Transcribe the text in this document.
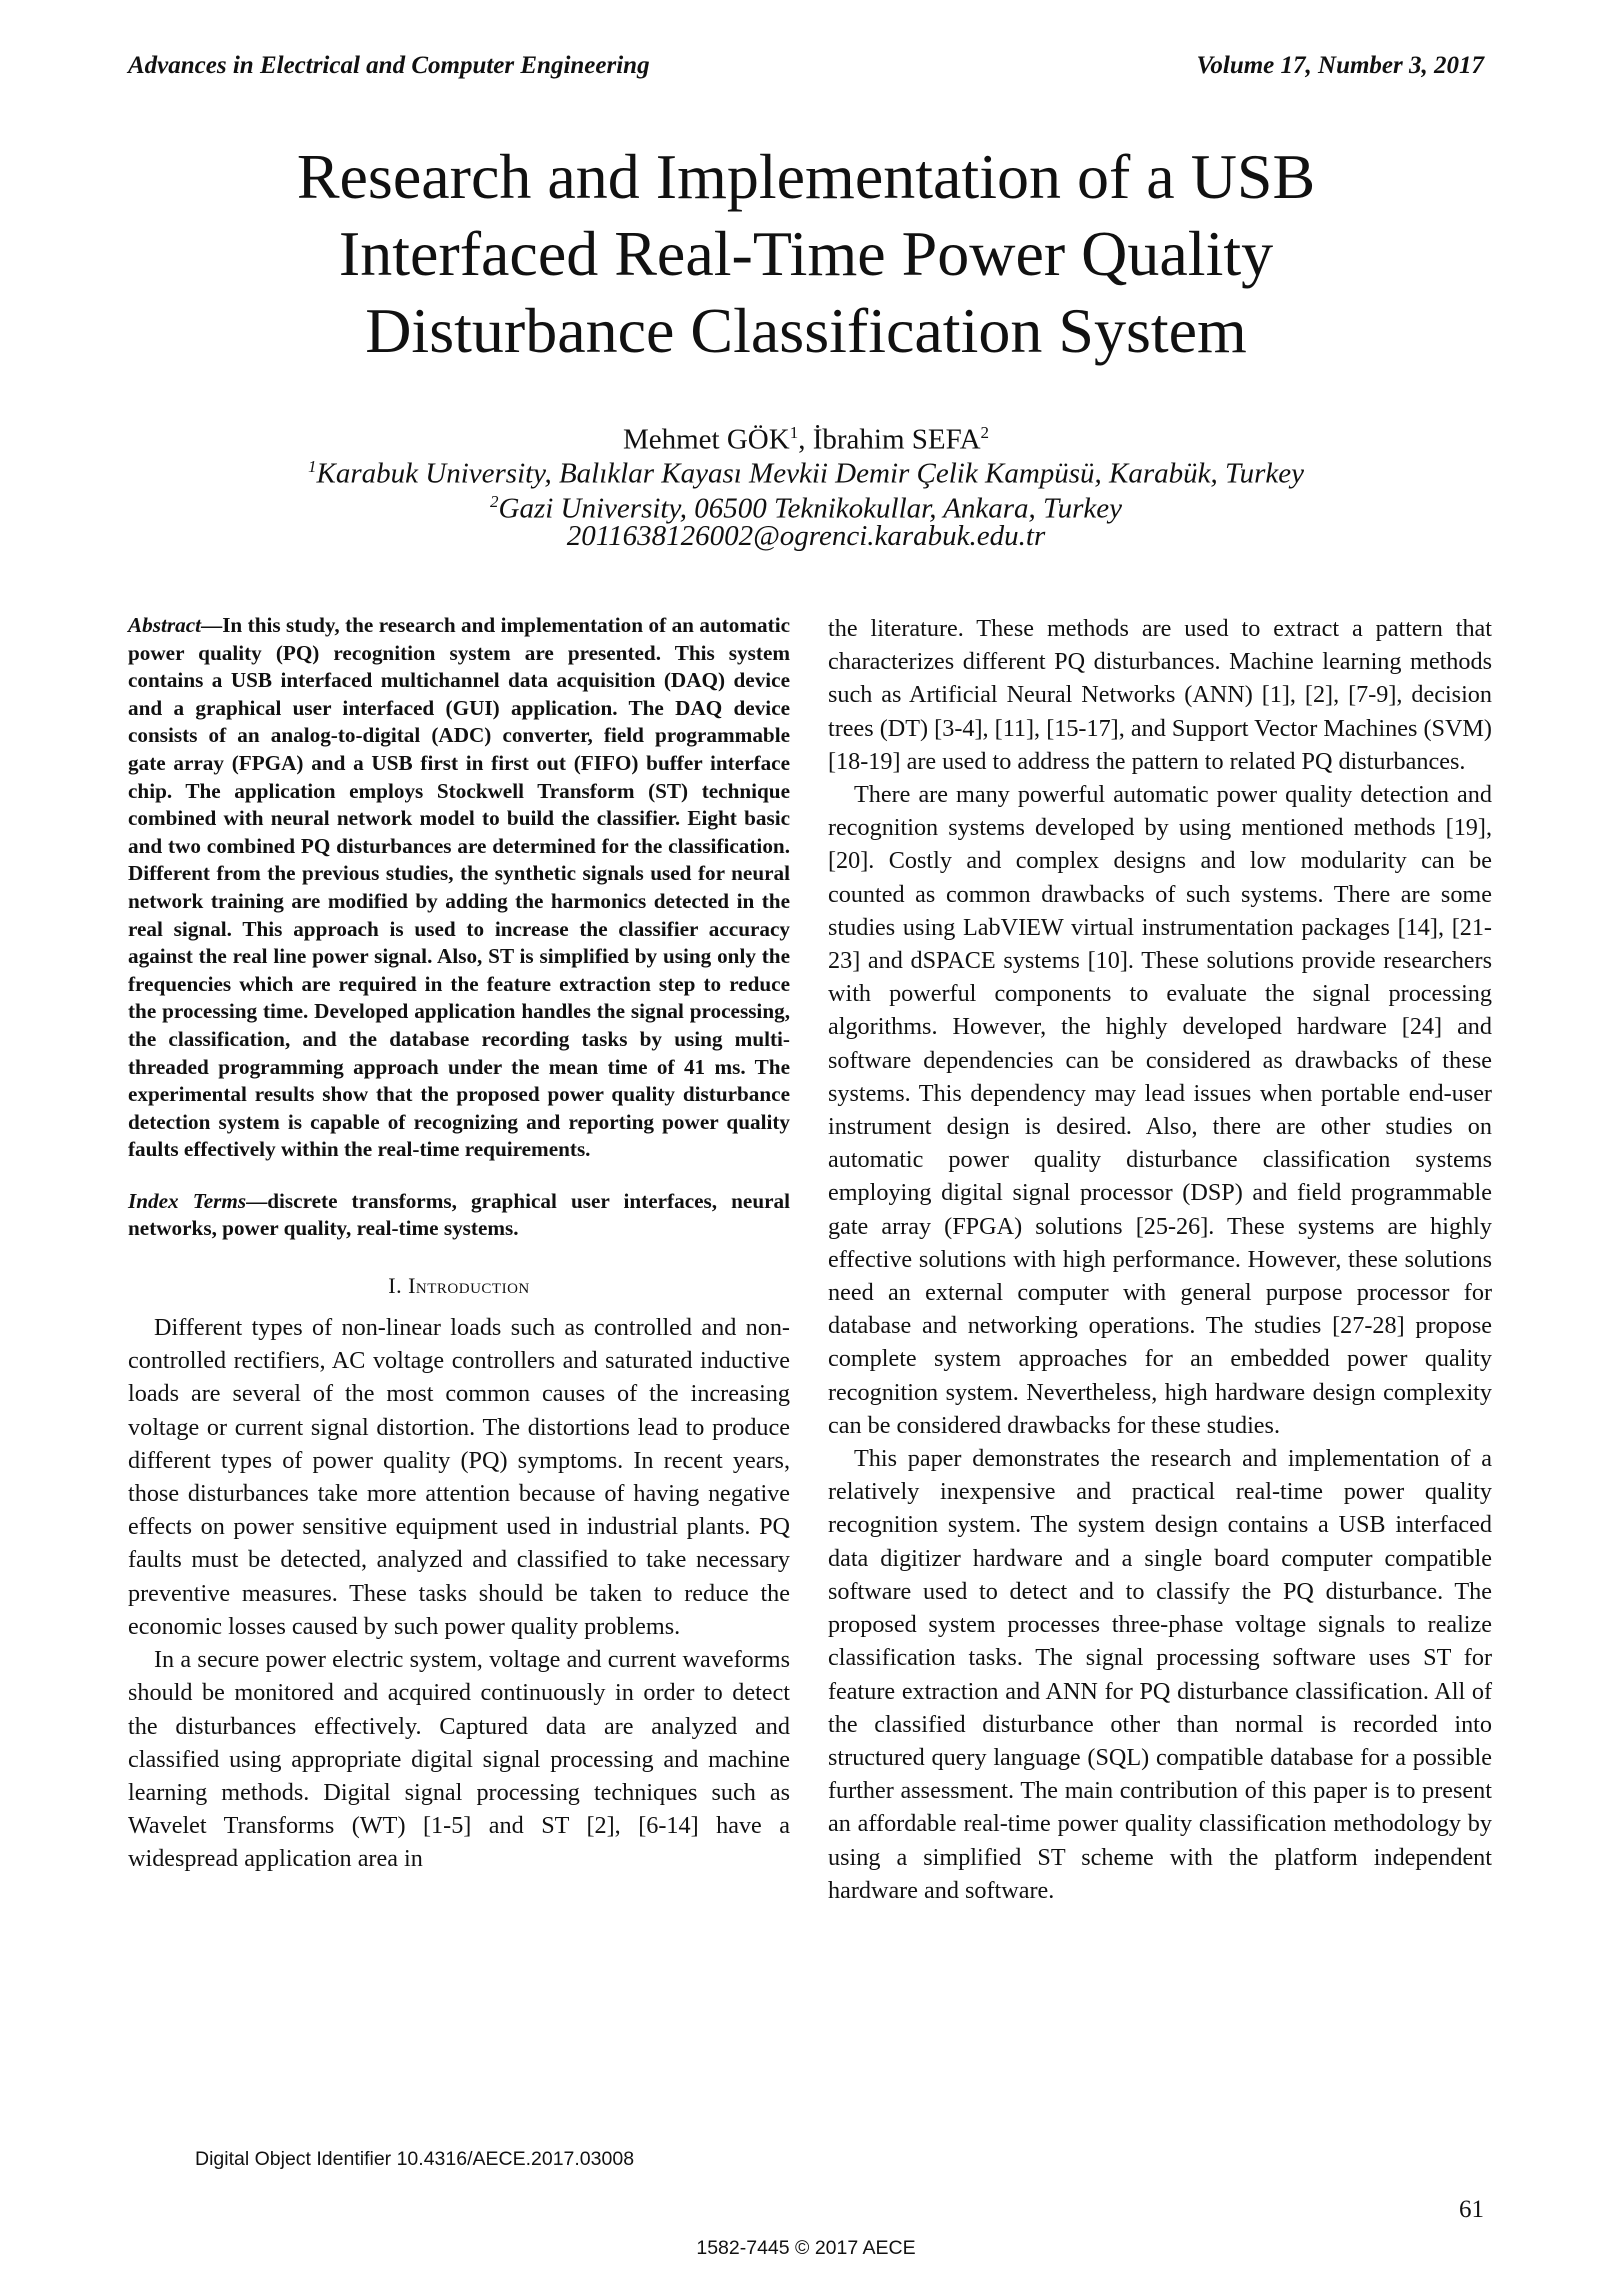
Advances in Electrical and Computer Engineering	Volume 17, Number 3, 2017
Research and Implementation of a USB
Interfaced Real-Time Power Quality
Disturbance Classification System
Mehmet GÖK$^1$, İbrahim SEFA$^2$
$^1$Karabuk University, Balıklar Kayası Mevkii Demir Çelik Kampüsü, Karabük, Turkey
$^2$Gazi University, 06500 Teknikokullar, Ankara, Turkey
2011638126002@ogrenci.karabuk.edu.tr

Abstract—In this study, the research and implementation of an automatic power quality (PQ) recognition system are presented. This system contains a USB interfaced multichannel data acquisition (DAQ) device and a graphical user interfaced (GUI) application. The DAQ device consists of an analog-to-digital (ADC) converter, field programmable gate array (FPGA) and a USB first in first out (FIFO) buffer interface chip. The application employs Stockwell Transform (ST) technique combined with neural network model to build the classifier. Eight basic and two combined PQ disturbances are determined for the classification. Different from the previous studies, the synthetic signals used for neural network training are modified by adding the harmonics detected in the real signal. This approach is used to increase the classifier accuracy against the real line power signal. Also, ST is simplified by using only the frequencies which are required in the feature extraction step to reduce the processing time. Developed application handles the signal processing, the classification, and the database recording tasks by using multi-threaded programming approach under the mean time of 41 ms. The experimental results show that the proposed power quality disturbance detection system is capable of recognizing and reporting power quality faults effectively within the real-time requirements.

Index Terms—discrete transforms, graphical user interfaces, neural networks, power quality, real-time systems.

I. Introduction

Different types of non-linear loads such as controlled and non-controlled rectifiers, AC voltage controllers and saturated inductive loads are several of the most common causes of the increasing voltage or current signal distortion. The distortions lead to produce different types of power quality (PQ) symptoms. In recent years, those disturbances take more attention because of having negative effects on power sensitive equipment used in industrial plants. PQ faults must be detected, analyzed and classified to take necessary preventive measures. These tasks should be taken to reduce the economic losses caused by such power quality problems.

In a secure power electric system, voltage and current waveforms should be monitored and acquired continuously in order to detect the disturbances effectively. Captured data are analyzed and classified using appropriate digital signal processing and machine learning methods. Digital signal processing techniques such as Wavelet Transforms (WT) [1-5] and ST [2], [6-14] have a widespread application area in

the literature. These methods are used to extract a pattern that characterizes different PQ disturbances. Machine learning methods such as Artificial Neural Networks (ANN) [1], [2], [7-9], decision trees (DT) [3-4], [11], [15-17], and Support Vector Machines (SVM) [18-19] are used to address the pattern to related PQ disturbances.

There are many powerful automatic power quality detection and recognition systems developed by using mentioned methods [19], [20]. Costly and complex designs and low modularity can be counted as common drawbacks of such systems. There are some studies using LabVIEW virtual instrumentation packages [14], [21-23] and dSPACE systems [10]. These solutions provide researchers with powerful components to evaluate the signal processing algorithms. However, the highly developed hardware [24] and software dependencies can be considered as drawbacks of these systems. This dependency may lead issues when portable end-user instrument design is desired. Also, there are other studies on automatic power quality disturbance classification systems employing digital signal processor (DSP) and field programmable gate array (FPGA) solutions [25-26]. These systems are highly effective solutions with high performance. However, these solutions need an external computer with general purpose processor for database and networking operations. The studies [27-28] propose complete system approaches for an embedded power quality recognition system. Nevertheless, high hardware design complexity can be considered drawbacks for these studies.

This paper demonstrates the research and implementation of a relatively inexpensive and practical real-time power quality recognition system. The system design contains a USB interfaced data digitizer hardware and a single board computer compatible software used to detect and to classify the PQ disturbance. The proposed system processes three-phase voltage signals to realize classification tasks. The signal processing software uses ST for feature extraction and ANN for PQ disturbance classification. All of the classified disturbance other than normal is recorded into structured query language (SQL) compatible database for a possible further assessment. The main contribution of this paper is to present an affordable real-time power quality classification methodology by using a simplified ST scheme with the platform independent hardware and software.

Digital Object Identifier 10.4316/AECE.2017.03008
61
1582-7445 © 2017 AECE
